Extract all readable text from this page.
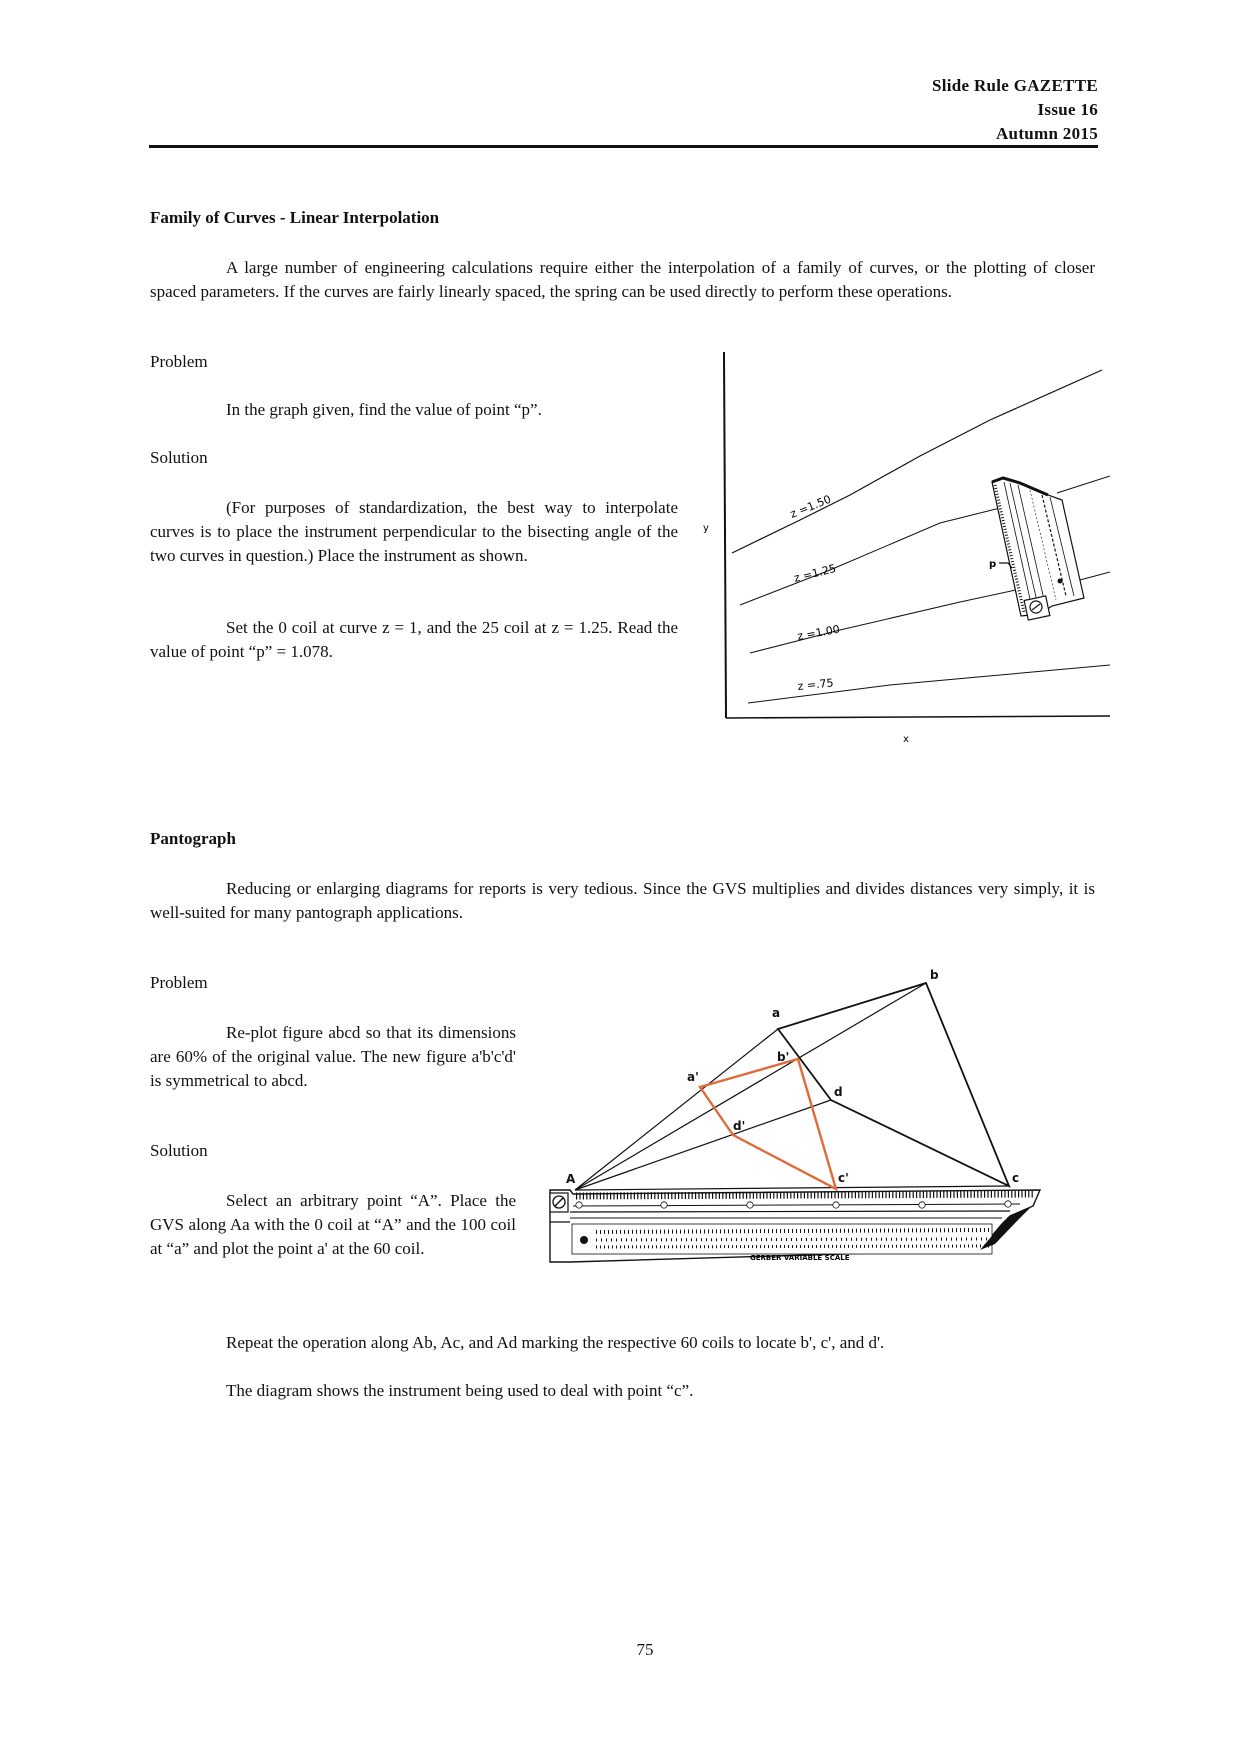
Slide Rule GAZETTE
Issue 16
Autumn 2015
Family of Curves - Linear Interpolation
A large number of engineering calculations require either the interpolation of a family of curves, or the plotting of closer spaced parameters. If the curves are fairly linearly spaced, the spring can be used directly to perform these operations.
Problem
In the graph given, find the value of point “p”.
Solution
(For purposes of standardization, the best way to interpolate curves is to place the instrument perpendicular to the bisecting angle of the two curves in question.) Place the instrument as shown.
Set the 0 coil at curve z = 1, and the 25 coil at z = 1.25. Read the value of point “p” = 1.078.
y
x
z =1.50
z =1.25
z =1.00
z =.75
p
Pantograph
Reducing or enlarging diagrams for reports is very tedious. Since the GVS multiplies and divides distances very simply, it is well-suited for many pantograph applications.
Problem
Re-plot figure abcd so that its dimensions are 60% of the original value. The new figure a'b'c'd' is symmetrical to abcd.
Solution
Select an arbitrary point “A”. Place the GVS along Aa with the 0 coil at “A” and the 100 coil at “a” and plot the point a' at the 60 coil.
A
a
b
c
d
a'
b'
c'
d'
GERBER VARIABLE SCALE
Repeat the operation along Ab, Ac, and Ad marking the respective 60 coils to locate b', c', and d'.
The diagram shows the instrument being used to deal with point “c”.
75
